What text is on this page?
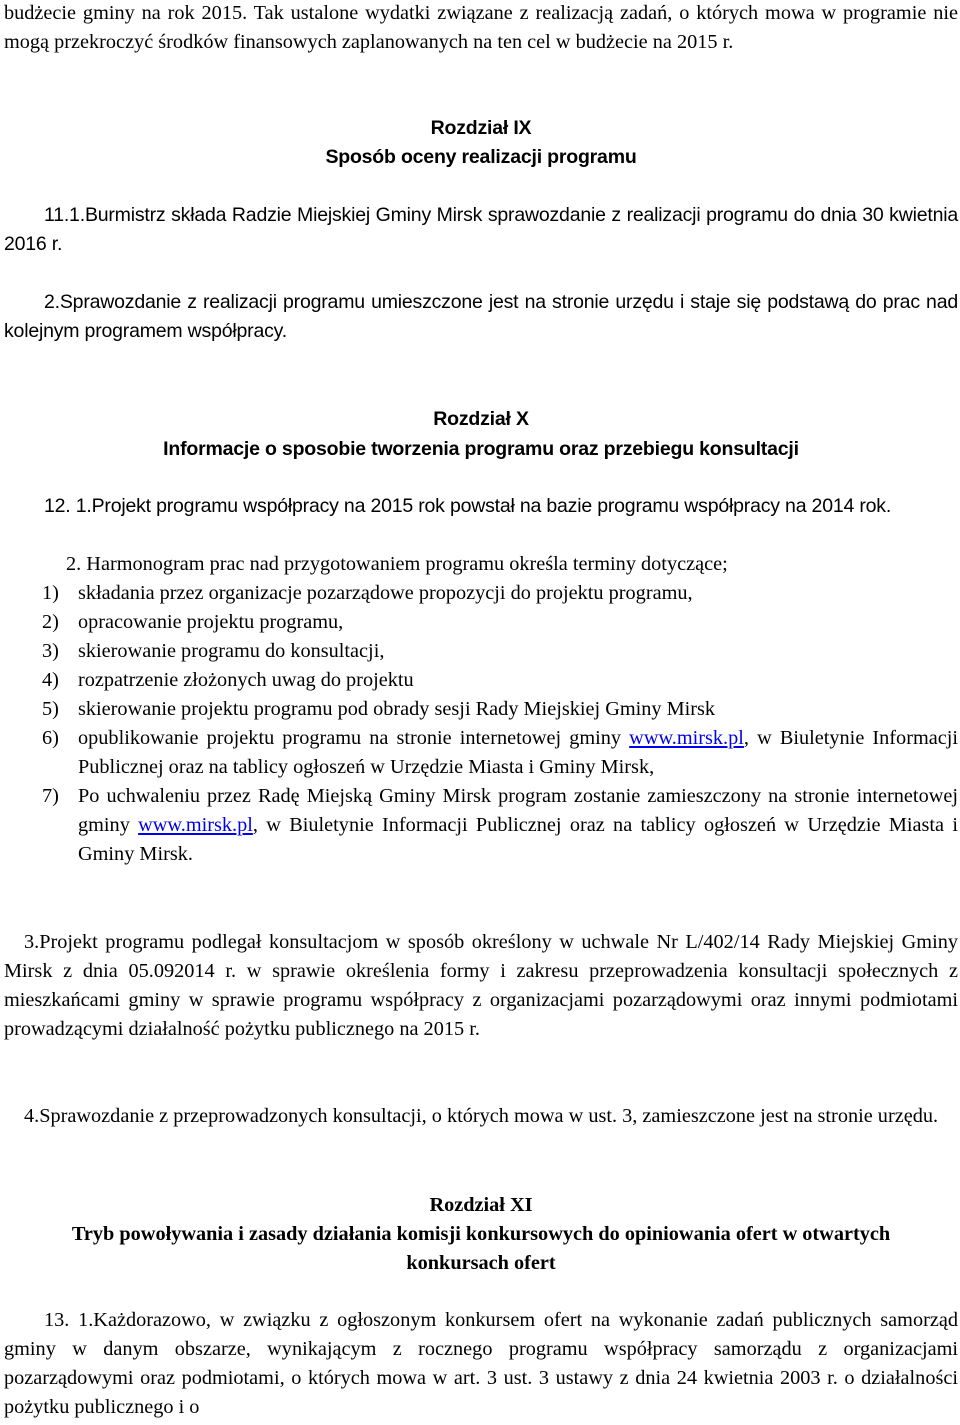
budżecie gminy na rok 2015. Tak ustalone wydatki związane z realizacją zadań, o których mowa w programie nie mogą przekroczyć środków finansowych zaplanowanych na ten cel w budżecie na 2015 r.

Rozdział IX
Sposób oceny realizacji programu

11.1.Burmistrz składa Radzie Miejskiej Gminy Mirsk sprawozdanie z realizacji programu do dnia 30 kwietnia 2016 r.

2.Sprawozdanie z realizacji programu umieszczone jest na stronie urzędu i staje się podstawą do prac nad kolejnym programem współpracy.

Rozdział X
Informacje o sposobie tworzenia programu oraz przebiegu konsultacji

12. 1.Projekt programu współpracy na 2015 rok powstał na bazie programu współpracy na 2014 rok.

2. Harmonogram prac nad przygotowaniem programu określa terminy dotyczące;

1) składania przez organizacje pozarządowe propozycji do projektu programu,
2) opracowanie projektu programu,
3) skierowanie programu do konsultacji,
4) rozpatrzenie złożonych uwag do projektu
5) skierowanie projektu programu pod obrady sesji Rady Miejskiej Gminy Mirsk
6) opublikowanie projektu programu na stronie internetowej gminy www.mirsk.pl, w Biuletynie Informacji Publicznej oraz na tablicy ogłoszeń w Urzędzie Miasta i Gminy Mirsk,
7) Po uchwaleniu przez Radę Miejską Gminy Mirsk program zostanie zamieszczony na stronie internetowej gminy www.mirsk.pl, w Biuletynie Informacji Publicznej oraz na tablicy ogłoszeń w Urzędzie Miasta i Gminy Mirsk.

3.Projekt programu podlegał konsultacjom w sposób określony w uchwale Nr L/402/14 Rady Miejskiej Gminy Mirsk z dnia 05.092014 r. w sprawie określenia formy i zakresu przeprowadzenia konsultacji społecznych z mieszkańcami gminy w sprawie programu współpracy z organizacjami pozarządowymi oraz innymi podmiotami prowadzącymi działalność pożytku publicznego na 2015 r.

4.Sprawozdanie z przeprowadzonych konsultacji, o których mowa w ust. 3, zamieszczone jest na stronie urzędu.

Rozdział XI
Tryb powoływania i zasady działania komisji konkursowych do opiniowania ofert w otwartych konkursach ofert

13. 1.Każdorazowo, w związku z ogłoszonym konkursem ofert na wykonanie zadań publicznych samorząd gminy w danym obszarze, wynikającym z rocznego programu współpracy samorządu z organizacjami pozarządowymi oraz podmiotami, o których mowa w art. 3 ust. 3 ustawy z dnia 24 kwietnia 2003 r. o działalności pożytku publicznego i o
